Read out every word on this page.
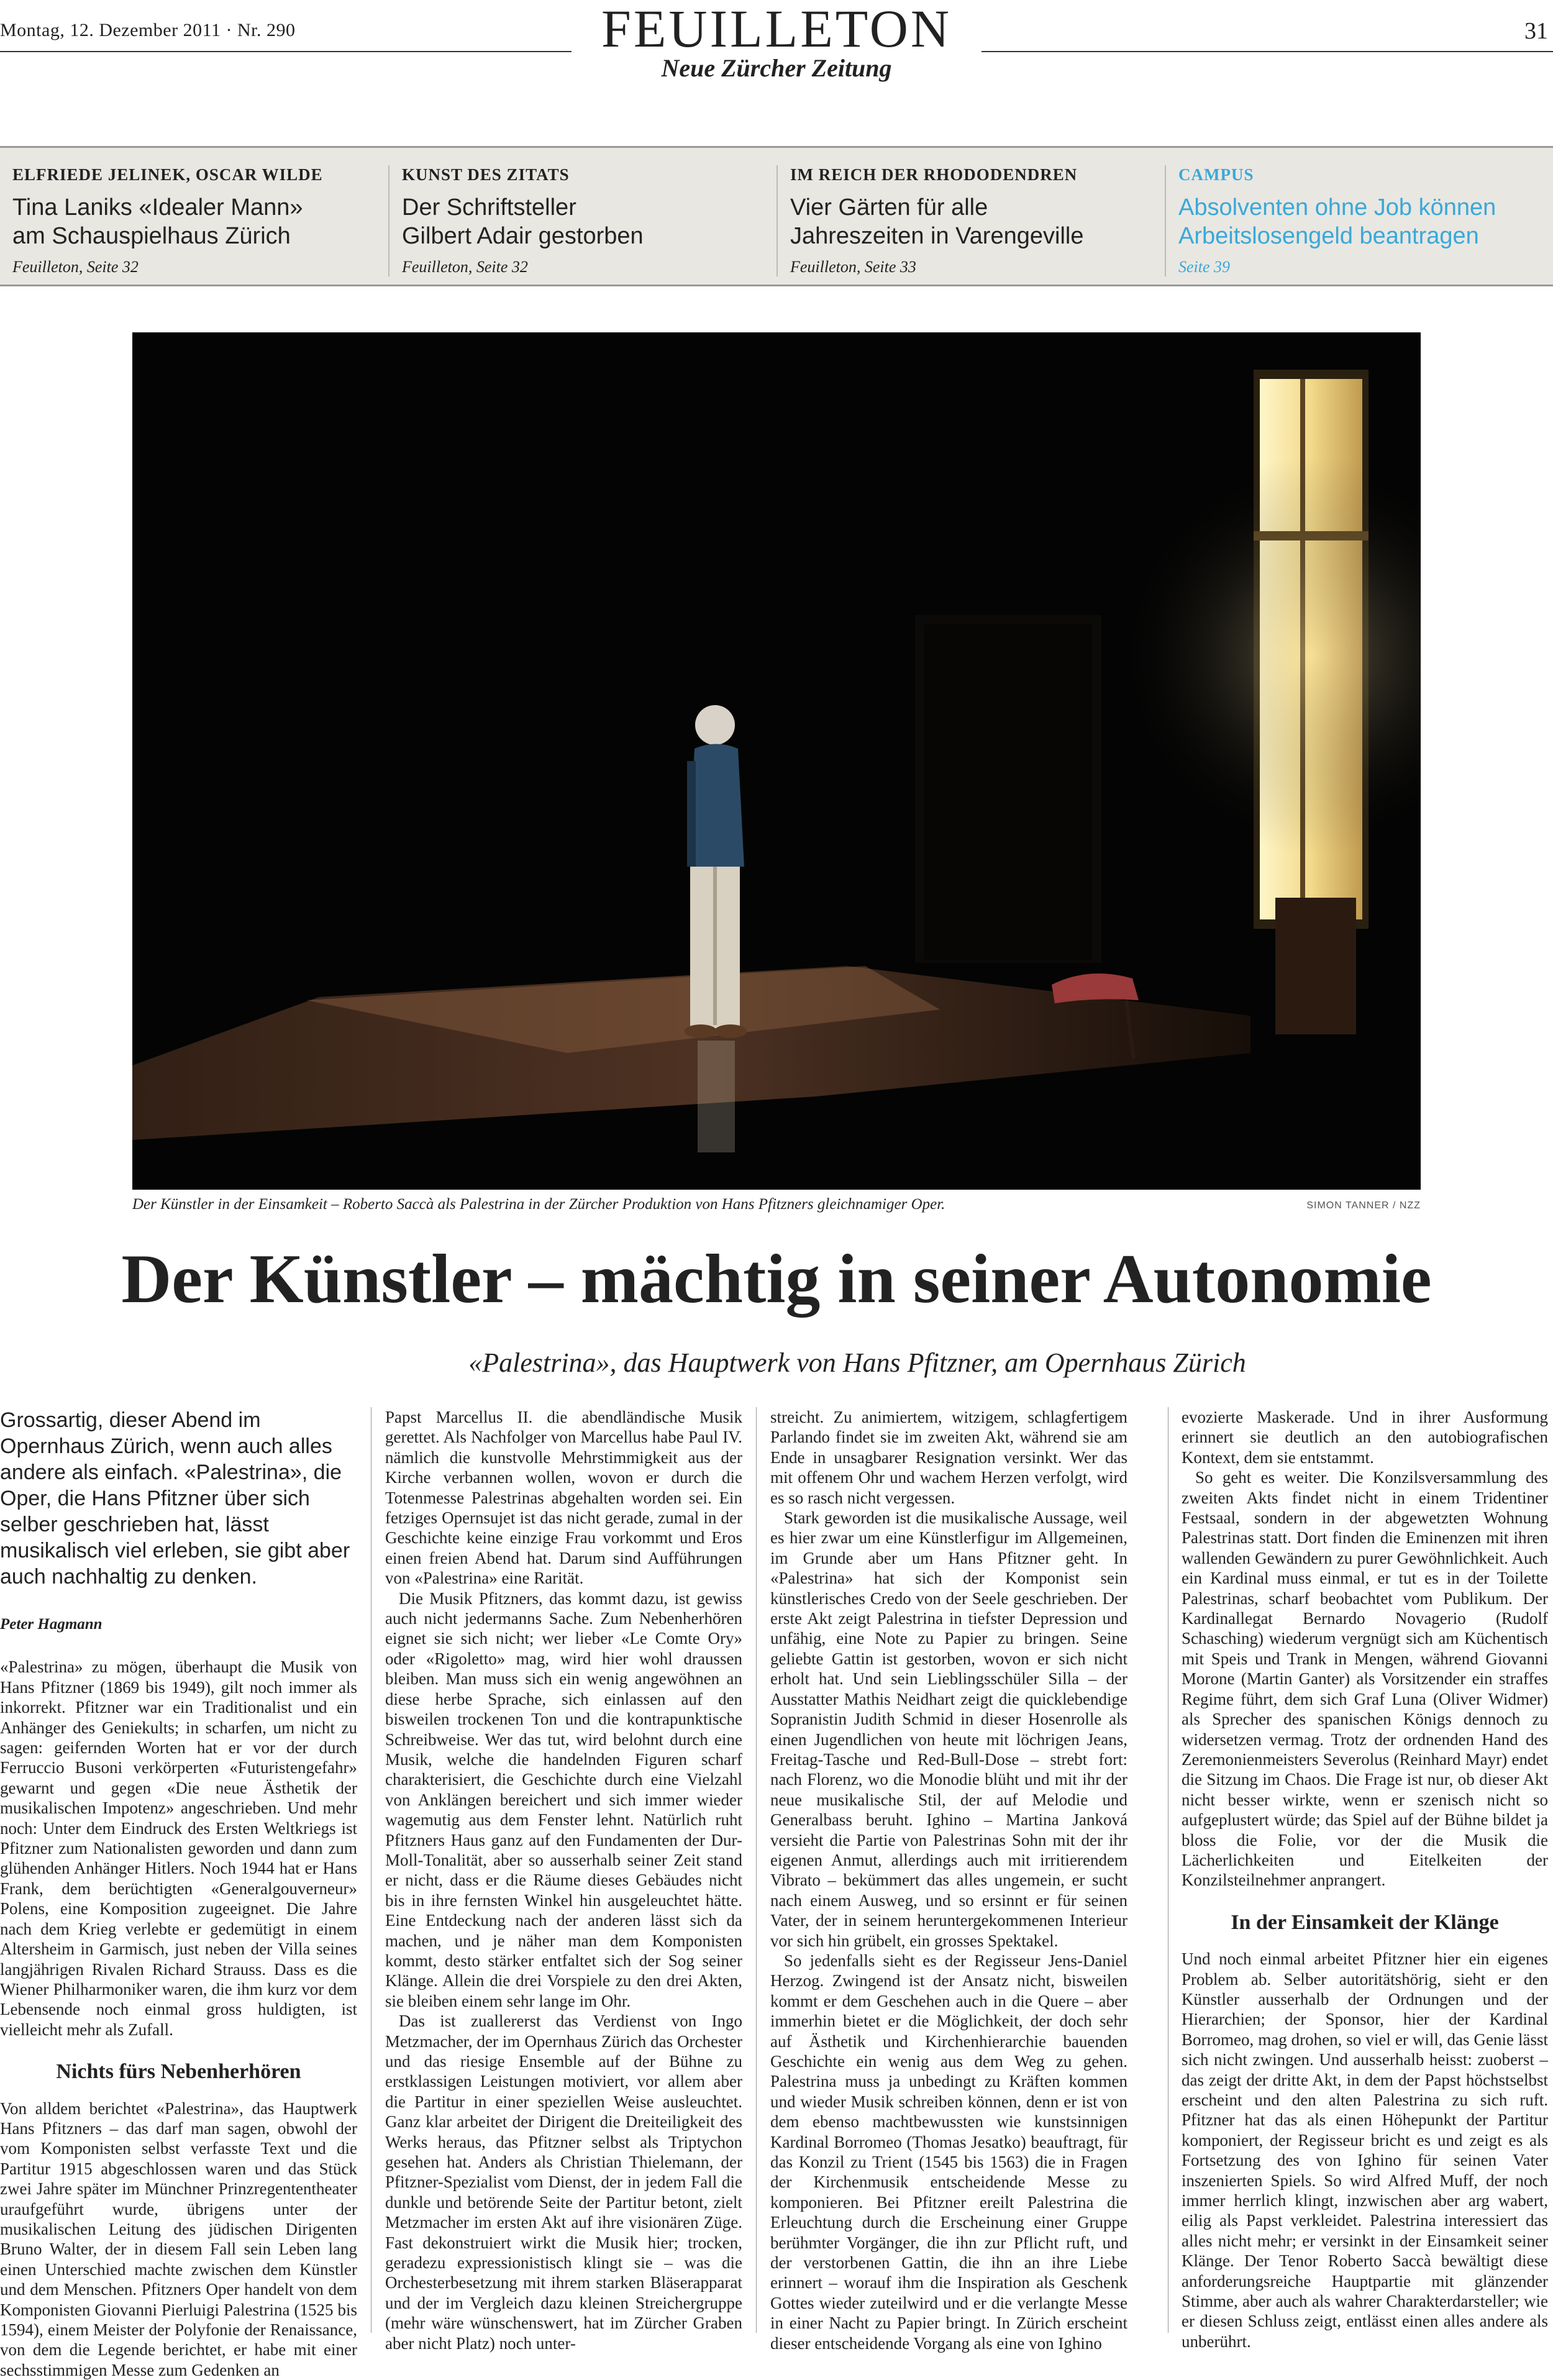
Montag, 12. Dezember 2011 · Nr. 290	FEUILLETON
Neue Zürcher Zeitung
31
ELFRIEDE JELINEK, OSCAR WILDE
Tina Laniks «Idealer Mann»
am Schauspielhaus Zürich
Feuilleton, Seite 32
KUNST DES ZITATS
Der Schriftsteller
Gilbert Adair gestorben
Feuilleton, Seite 32
IM REICH DER RHODODENDREN
Vier Gärten für alle
Jahreszeiten in Varengeville
Feuilleton, Seite 33
CAMPUS
Absolventen ohne Job können
Arbeitslosengeld beantragen
Seite 39
Der Künstler in der Einsamkeit – Roberto Saccà als Palestrina in der Zürcher Produktion von Hans Pfitzners gleichnamiger Oper.	SIMON TANNER / NZZ
Der Künstler – mächtig in seiner Autonomie
«Palestrina», das Hauptwerk von Hans Pfitzner, am Opernhaus Zürich

Grossartig, dieser Abend im Opernhaus Zürich, wenn auch alles andere als einfach. «Palestrina», die Oper, die Hans Pfitzner über sich selber geschrieben hat, lässt musikalisch viel erleben, sie gibt aber auch nachhaltig zu denken.

Peter Hagmann

«Palestrina» zu mögen, überhaupt die Musik von Hans Pfitzner (1869 bis 1949), gilt noch immer als inkorrekt. Pfitzner war ein Traditionalist und ein Anhänger des Geniekults; in scharfen, um nicht zu sagen: geifernden Worten hat er vor der durch Ferruccio Busoni verkörperten «Futuristengefahr» gewarnt und gegen «Die neue Ästhetik der musikalischen Impotenz» angeschrieben. Und mehr noch: Unter dem Eindruck des Ersten Weltkriegs ist Pfitzner zum Nationalisten geworden und dann zum glühenden Anhänger Hitlers. Noch 1944 hat er Hans Frank, dem berüchtigten «Generalgouverneur» Polens, eine Komposition zugeeignet. Die Jahre nach dem Krieg verlebte er gedemütigt in einem Altersheim in Garmisch, just neben der Villa seines langjährigen Rivalen Richard Strauss. Dass es die Wiener Philharmoniker waren, die ihm kurz vor dem Lebensende noch einmal gross huldigten, ist vielleicht mehr als Zufall.

Nichts fürs Nebenherhören

Von alldem berichtet «Palestrina», das Hauptwerk Hans Pfitzners – das darf man sagen, obwohl der vom Komponisten selbst verfasste Text und die Partitur 1915 abgeschlossen waren und das Stück zwei Jahre später im Münchner Prinzregententheater uraufgeführt wurde, übrigens unter der musikalischen Leitung des jüdischen Dirigenten Bruno Walter, der in diesem Fall sein Leben lang einen Unterschied machte zwischen dem Künstler und dem Menschen. Pfitzners Oper handelt von dem Komponisten Giovanni Pierluigi Palestrina (1525 bis 1594), einem Meister der Polyfonie der Renaissance, von dem die Legende berichtet, er habe mit einer sechsstimmigen Messe zum Gedenken an

Papst Marcellus II. die abendländische Musik gerettet. Als Nachfolger von Marcellus habe Paul IV. nämlich die kunstvolle Mehrstimmigkeit aus der Kirche verbannen wollen, wovon er durch die Totenmesse Palestrinas abgehalten worden sei. Ein fetziges Opernsujet ist das nicht gerade, zumal in der Geschichte keine einzige Frau vorkommt und Eros einen freien Abend hat. Darum sind Aufführungen von «Palestrina» eine Rarität.

Die Musik Pfitzners, das kommt dazu, ist gewiss auch nicht jedermanns Sache. Zum Nebenherhören eignet sie sich nicht; wer lieber «Le Comte Ory» oder «Rigoletto» mag, wird hier wohl draussen bleiben. Man muss sich ein wenig angewöhnen an diese herbe Sprache, sich einlassen auf den bisweilen trockenen Ton und die kontrapunktische Schreibweise. Wer das tut, wird belohnt durch eine Musik, welche die handelnden Figuren scharf charakterisiert, die Geschichte durch eine Vielzahl von Anklängen bereichert und sich immer wieder wagemutig aus dem Fenster lehnt. Natürlich ruht Pfitzners Haus ganz auf den Fundamenten der Dur-Moll-Tonalität, aber so ausserhalb seiner Zeit stand er nicht, dass er die Räume dieses Gebäudes nicht bis in ihre fernsten Winkel hin ausgeleuchtet hätte. Eine Entdeckung nach der anderen lässt sich da machen, und je näher man dem Komponisten kommt, desto stärker entfaltet sich der Sog seiner Klänge. Allein die drei Vorspiele zu den drei Akten, sie bleiben einem sehr lange im Ohr.

Das ist zuallererst das Verdienst von Ingo Metzmacher, der im Opernhaus Zürich das Orchester und das riesige Ensemble auf der Bühne zu erstklassigen Leistungen motiviert, vor allem aber die Partitur in einer speziellen Weise ausleuchtet. Ganz klar arbeitet der Dirigent die Dreiteiligkeit des Werks heraus, das Pfitzner selbst als Triptychon gesehen hat. Anders als Christian Thielemann, der Pfitzner-Spezialist vom Dienst, der in jedem Fall die dunkle und betörende Seite der Partitur betont, zielt Metzmacher im ersten Akt auf ihre visionären Züge. Fast dekonstruiert wirkt die Musik hier; trocken, geradezu expressionistisch klingt sie – was die Orchesterbesetzung mit ihrem starken Bläserapparat und der im Vergleich dazu kleinen Streichergruppe (mehr wäre wünschenswert, hat im Zürcher Graben aber nicht Platz) noch unter-

streicht. Zu animiertem, witzigem, schlagfertigem Parlando findet sie im zweiten Akt, während sie am Ende in unsagbarer Resignation versinkt. Wer das mit offenem Ohr und wachem Herzen verfolgt, wird es so rasch nicht vergessen.

Stark geworden ist die musikalische Aussage, weil es hier zwar um eine Künstlerfigur im Allgemeinen, im Grunde aber um Hans Pfitzner geht. In «Palestrina» hat sich der Komponist sein künstlerisches Credo von der Seele geschrieben. Der erste Akt zeigt Palestrina in tiefster Depression und unfähig, eine Note zu Papier zu bringen. Seine geliebte Gattin ist gestorben, wovon er sich nicht erholt hat. Und sein Lieblingsschüler Silla – der Ausstatter Mathis Neidhart zeigt die quicklebendige Sopranistin Judith Schmid in dieser Hosenrolle als einen Jugendlichen von heute mit löchrigen Jeans, Freitag-Tasche und Red-Bull-Dose – strebt fort: nach Florenz, wo die Monodie blüht und mit ihr der neue musikalische Stil, der auf Melodie und Generalbass beruht. Ighino – Martina Janková versieht die Partie von Palestrinas Sohn mit der ihr eigenen Anmut, allerdings auch mit irritierendem Vibrato – bekümmert das alles ungemein, er sucht nach einem Ausweg, und so ersinnt er für seinen Vater, der in seinem heruntergekommenen Interieur vor sich hin grübelt, ein grosses Spektakel.

So jedenfalls sieht es der Regisseur Jens-Daniel Herzog. Zwingend ist der Ansatz nicht, bisweilen kommt er dem Geschehen auch in die Quere – aber immerhin bietet er die Möglichkeit, der doch sehr auf Ästhetik und Kirchenhierarchie bauenden Geschichte ein wenig aus dem Weg zu gehen. Palestrina muss ja unbedingt zu Kräften kommen und wieder Musik schreiben können, denn er ist von dem ebenso machtbewussten wie kunstsinnigen Kardinal Borromeo (Thomas Jesatko) beauftragt, für das Konzil zu Trient (1545 bis 1563) die in Fragen der Kirchenmusik entscheidende Messe zu komponieren. Bei Pfitzner ereilt Palestrina die Erleuchtung durch die Erscheinung einer Gruppe berühmter Vorgänger, die ihn zur Pflicht ruft, und der verstorbenen Gattin, die ihn an ihre Liebe erinnert – worauf ihm die Inspiration als Geschenk Gottes wieder zuteilwird und er die verlangte Messe in einer Nacht zu Papier bringt. In Zürich erscheint dieser entscheidende Vorgang als eine von Ighino

evozierte Maskerade. Und in ihrer Ausformung erinnert sie deutlich an den autobiografischen Kontext, dem sie entstammt.

So geht es weiter. Die Konzilsversammlung des zweiten Akts findet nicht in einem Tridentiner Festsaal, sondern in der abgewetzten Wohnung Palestrinas statt. Dort finden die Eminenzen mit ihren wallenden Gewändern zu purer Gewöhnlichkeit. Auch ein Kardinal muss einmal, er tut es in der Toilette Palestrinas, scharf beobachtet vom Publikum. Der Kardinallegat Bernardo Novagerio (Rudolf Schasching) wiederum vergnügt sich am Küchentisch mit Speis und Trank in Mengen, während Giovanni Morone (Martin Ganter) als Vorsitzender ein straffes Regime führt, dem sich Graf Luna (Oliver Widmer) als Sprecher des spanischen Königs dennoch zu widersetzen vermag. Trotz der ordnenden Hand des Zeremonienmeisters Severolus (Reinhard Mayr) endet die Sitzung im Chaos. Die Frage ist nur, ob dieser Akt nicht besser wirkte, wenn er szenisch nicht so aufgeplustert würde; das Spiel auf der Bühne bildet ja bloss die Folie, vor der die Musik die Lächerlichkeiten und Eitelkeiten der Konzilsteilnehmer anprangert.

In der Einsamkeit der Klänge

Und noch einmal arbeitet Pfitzner hier ein eigenes Problem ab. Selber autoritätshörig, sieht er den Künstler ausserhalb der Ordnungen und der Hierarchien; der Sponsor, hier der Kardinal Borromeo, mag drohen, so viel er will, das Genie lässt sich nicht zwingen. Und ausserhalb heisst: zuoberst – das zeigt der dritte Akt, in dem der Papst höchstselbst erscheint und den alten Palestrina zu sich ruft. Pfitzner hat das als einen Höhepunkt der Partitur komponiert, der Regisseur bricht es und zeigt es als Fortsetzung des von Ighino für seinen Vater inszenierten Spiels. So wird Alfred Muff, der noch immer herrlich klingt, inzwischen aber arg wabert, eilig als Papst verkleidet. Palestrina interessiert das alles nicht mehr; er versinkt in der Einsamkeit seiner Klänge. Der Tenor Roberto Saccà bewältigt diese anforderungsreiche Hauptpartie mit glänzender Stimme, aber auch als wahrer Charakterdarsteller; wie er diesen Schluss zeigt, entlässt einen alles andere als unberührt.
